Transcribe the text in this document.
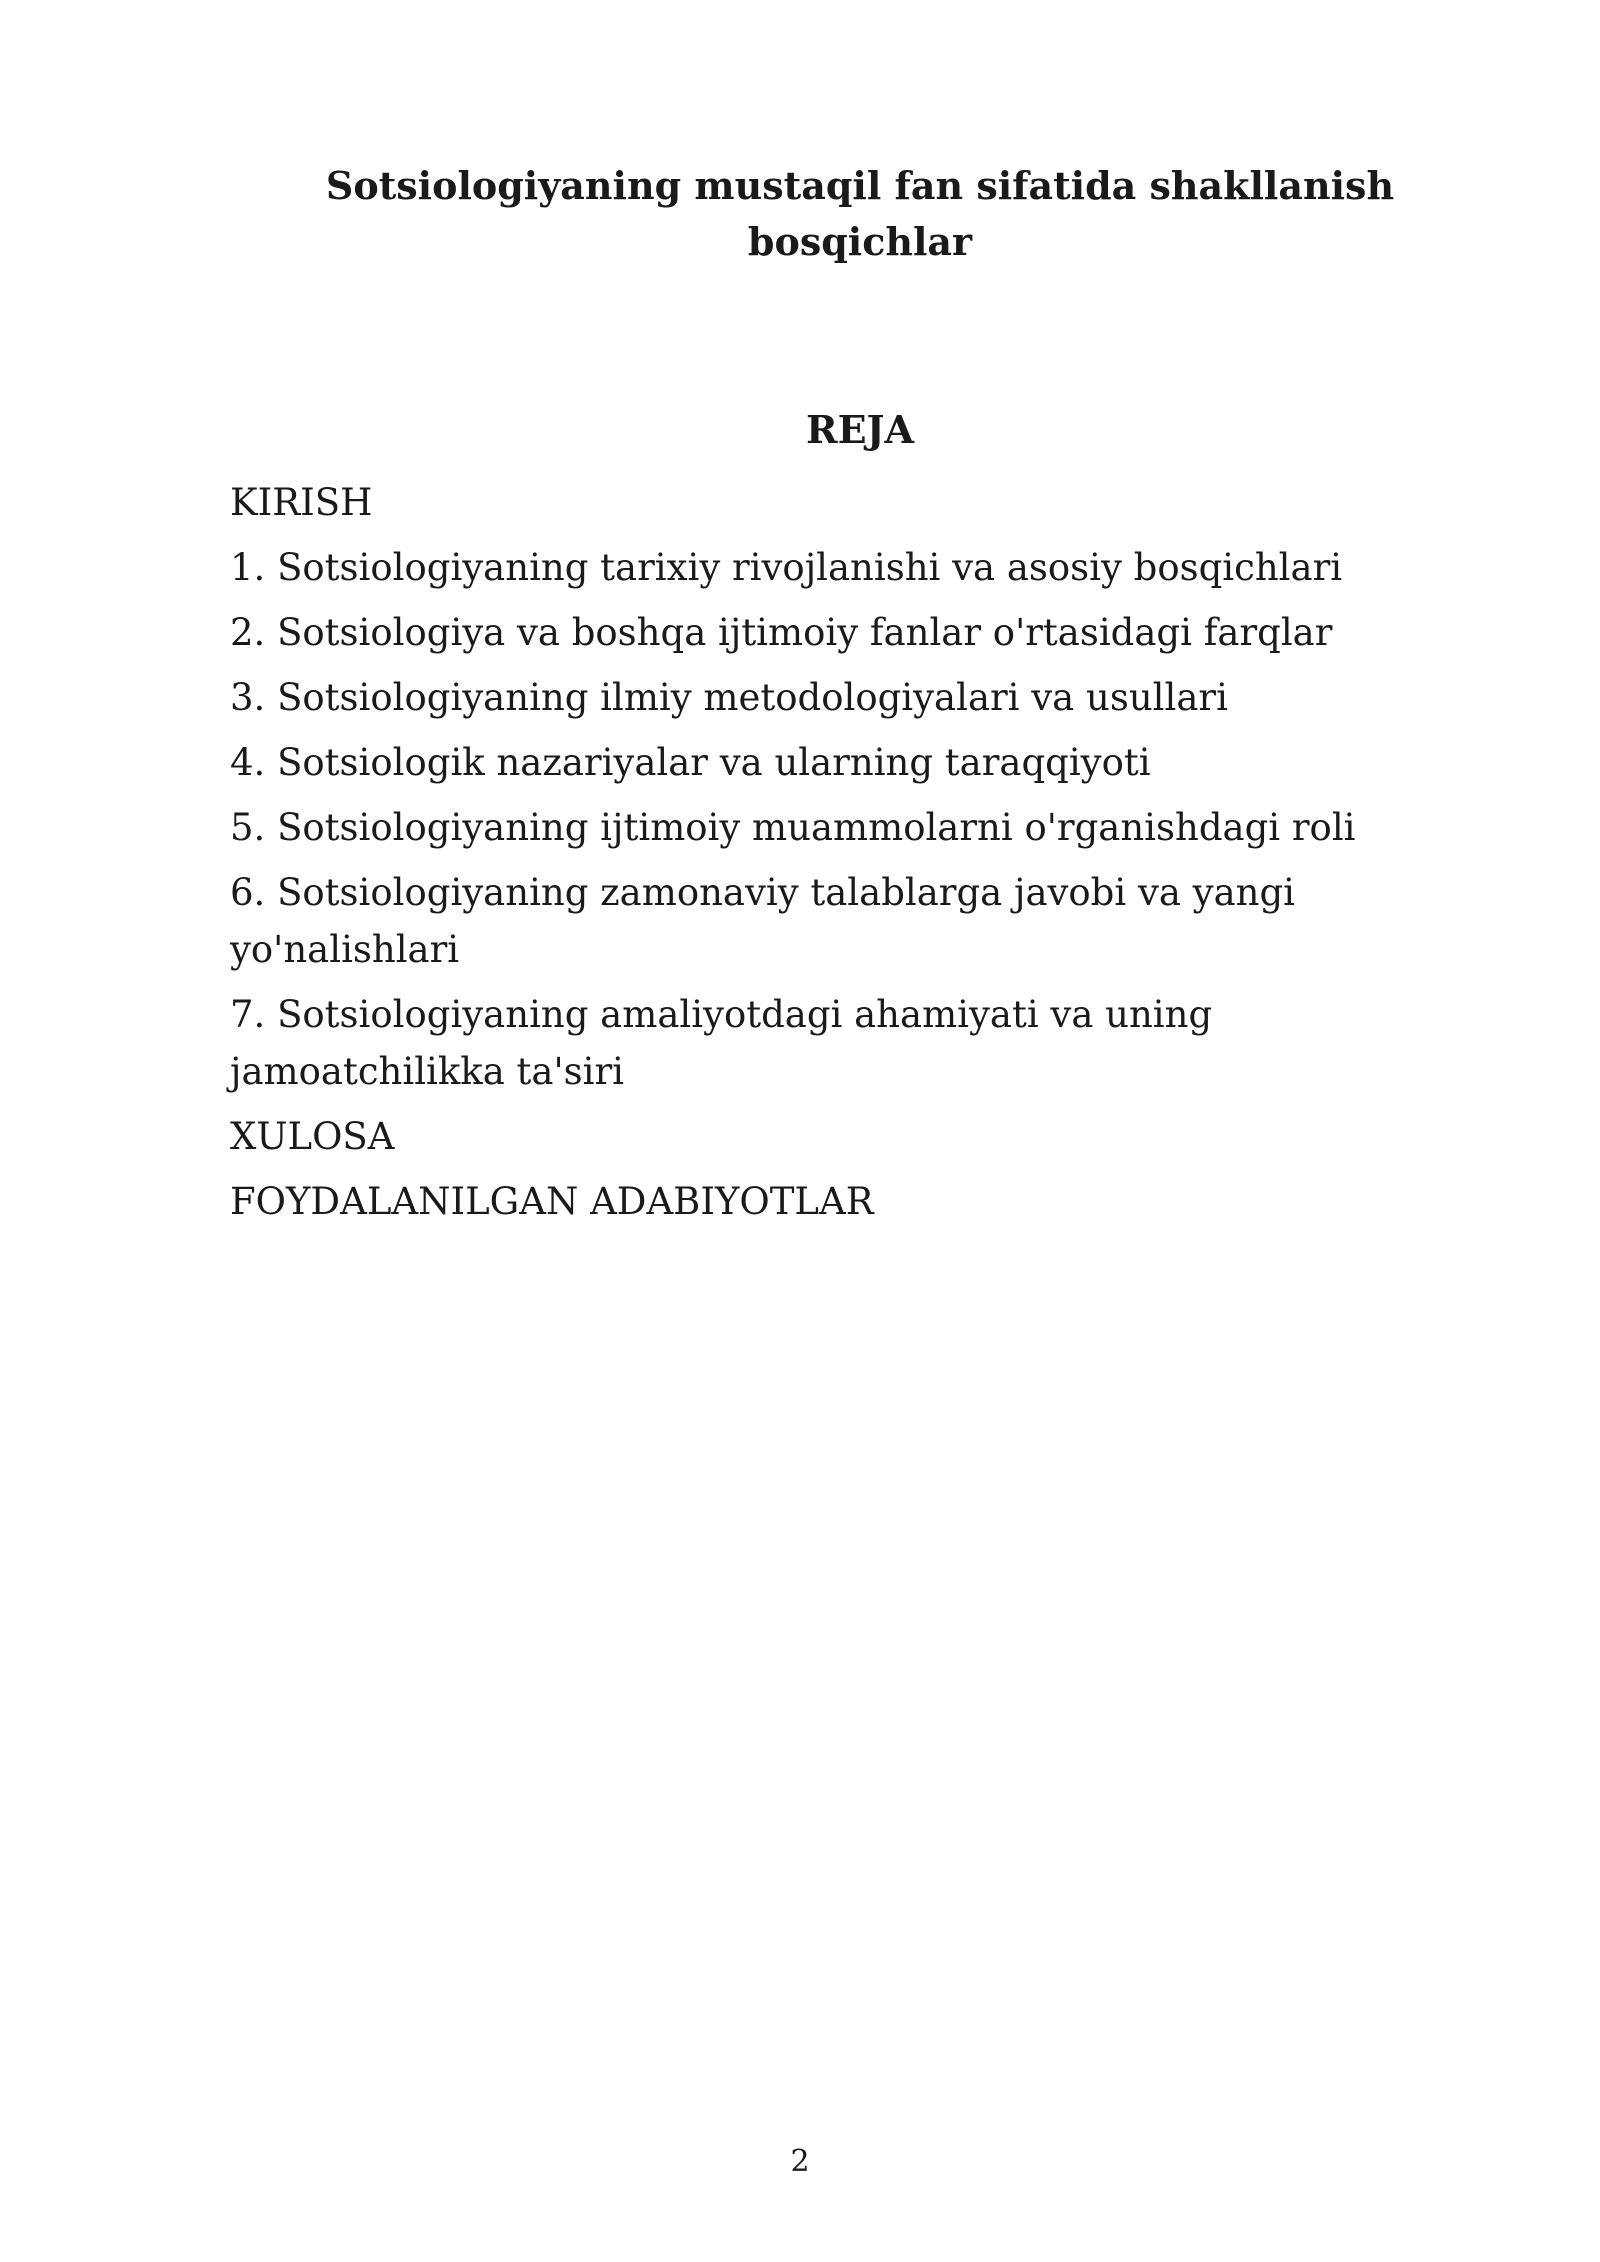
Sotsiologiyaning mustaqil fan sifatida shakllanish
bosqichlar
REJA
KIRISH
1. Sotsiologiyaning tarixiy rivojlanishi va asosiy bosqichlari
2. Sotsiologiya va boshqa ijtimoiy fanlar o'rtasidagi farqlar
3. Sotsiologiyaning ilmiy metodologiyalari va usullari
4. Sotsiologik nazariyalar va ularning taraqqiyoti
5. Sotsiologiyaning ijtimoiy muammolarni o'rganishdagi roli
6. Sotsiologiyaning zamonaviy talablarga javobi va yangi yo'nalishlari
7. Sotsiologiyaning amaliyotdagi ahamiyati va uning jamoatchilikka ta'siri
XULOSA
FOYDALANILGAN ADABIYOTLAR
2
